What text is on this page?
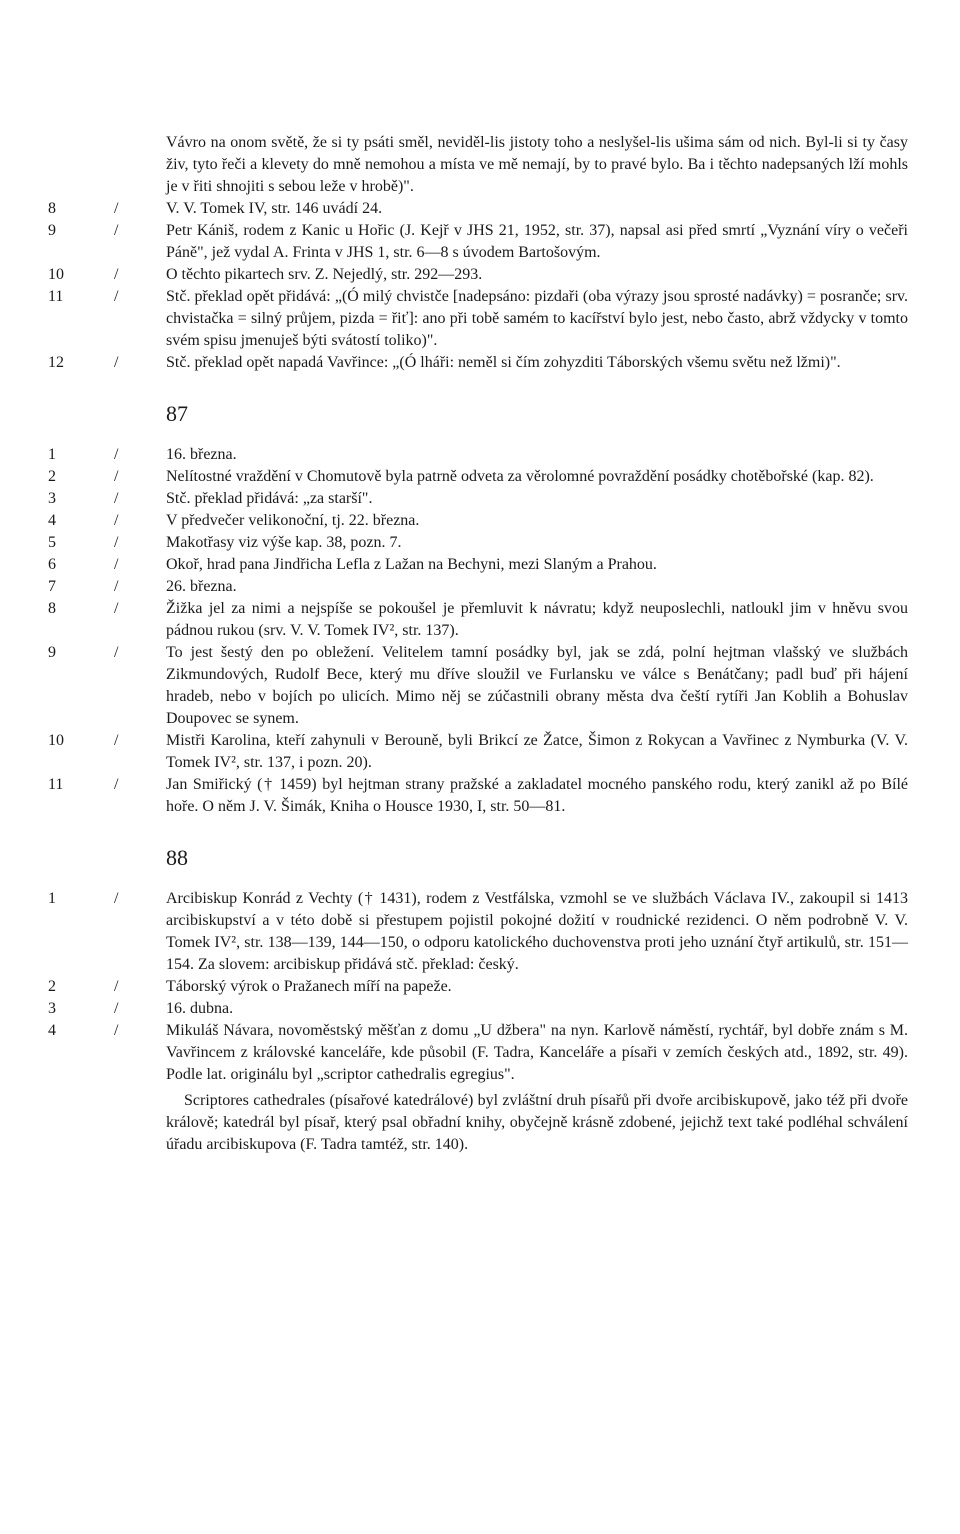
Vávro na onom světě, že si ty psáti směl, neviděl-lis jistoty toho a neslyšel-lis ušima sám od nich. Byl-li si ty časy živ, tyto řeči a klevety do mně nemohou a místa ve mě nemají, by to pravé bylo. Ba i těchto nadepsaných lží mohls je v řiti shnojiti s sebou leže v hrobě)".
8	/	V. V. Tomek IV, str. 146 uvádí 24.
9	/	Petr Kániš, rodem z Kanic u Hořic (J. Kejř v JHS 21, 1952, str. 37), napsal asi před smrtí „Vyznání víry o večeři Páně", jež vydal A. Frinta v JHS 1, str. 6—8 s úvodem Bartošovým.
10	/	O těchto pikartech srv. Z. Nejedlý, str. 292—293.
11	/	Stč. překlad opět přidává: „(Ó milý chvistče [nadepsáno: pizdaři (oba výrazy jsou sprosté nadávky) = posranče; srv. chvistačka = silný průjem, pizda = řiť]: ano při tobě samém to kacířství bylo jest, nebo často, abrž vždycky v tomto svém spisu jmenuješ býti svátostí toliko)".
12	/	Stč. překlad opět napadá Vavřince: „(Ó lháři: neměl si čím zohyzditi Táborských všemu světu než lžmi)".
87
1	/	16. března.
2	/	Nelítostné vraždění v Chomutově byla patrně odveta za věrolomné povraždění posádky chotěbořské (kap. 82).
3	/	Stč. překlad přidává: „za starší".
4	/	V předvečer velikonoční, tj. 22. března.
5	/	Makotřasy viz výše kap. 38, pozn. 7.
6	/	Okoř, hrad pana Jindřicha Lefla z Lažan na Bechyni, mezi Slaným a Prahou.
7	/	26. března.
8	/	Žižka jel za nimi a nejspíše se pokoušel je přemluvit k návratu; když neuposlechli, natloukl jim v hněvu svou pádnou rukou (srv. V. V. Tomek IV², str. 137).
9	/	To jest šestý den po obležení. Velitelem tamní posádky byl, jak se zdá, polní hejtman vlašský ve službách Zikmundových, Rudolf Bece, který mu dříve sloužil ve Furlansku ve válce s Benátčany; padl buď při hájení hradeb, nebo v bojích po ulicích. Mimo něj se zúčastnili obrany města dva čeští rytíři Jan Koblih a Bohuslav Doupovec se synem.
10	/	Mistři Karolina, kteří zahynuli v Berouně, byli Brikcí ze Žatce, Šimon z Rokycan a Vavřinec z Nymburka (V. V. Tomek IV², str. 137, i pozn. 20).
11	/	Jan Smiřický († 1459) byl hejtman strany pražské a zakladatel mocného panského rodu, který zanikl až po Bílé hoře. O něm J. V. Šimák, Kniha o Housce 1930, I, str. 50—81.
88
1	/	Arcibiskup Konrád z Vechty († 1431), rodem z Vestfálska, vzmohl se ve službách Václava IV., zakoupil si 1413 arcibiskupství a v této době si přestupem pojistil pokojné dožití v roudnické rezidenci. O něm podrobně V. V. Tomek IV², str. 138—139, 144—150, o odporu katolického duchovenstva proti jeho uznání čtyř artikulů, str. 151—154. Za slovem: arcibiskup přidává stč. překlad: český.
2	/	Táborský výrok o Pražanech míří na papeže.
3	/	16. dubna.
4	/	Mikuláš Návara, novoměstský měšťan z domu „U džbera" na nyn. Karlově náměstí, rychtář, byl dobře znám s M. Vavřincem z královské kanceláře, kde působil (F. Tadra, Kanceláře a písaři v zemích českých atd., 1892, str. 49). Podle lat. originálu byl „scriptor cathedralis egregius".
Scriptores cathedrales (písařové katedrálové) byl zvláštní druh písařů při dvoře arcibiskupově, jako též při dvoře králově; katedrál byl písař, který psal obřadní knihy, obyčejně krásně zdobené, jejichž text také podléhal schválení úřadu arcibiskupova (F. Tadra tamtéž, str. 140).
